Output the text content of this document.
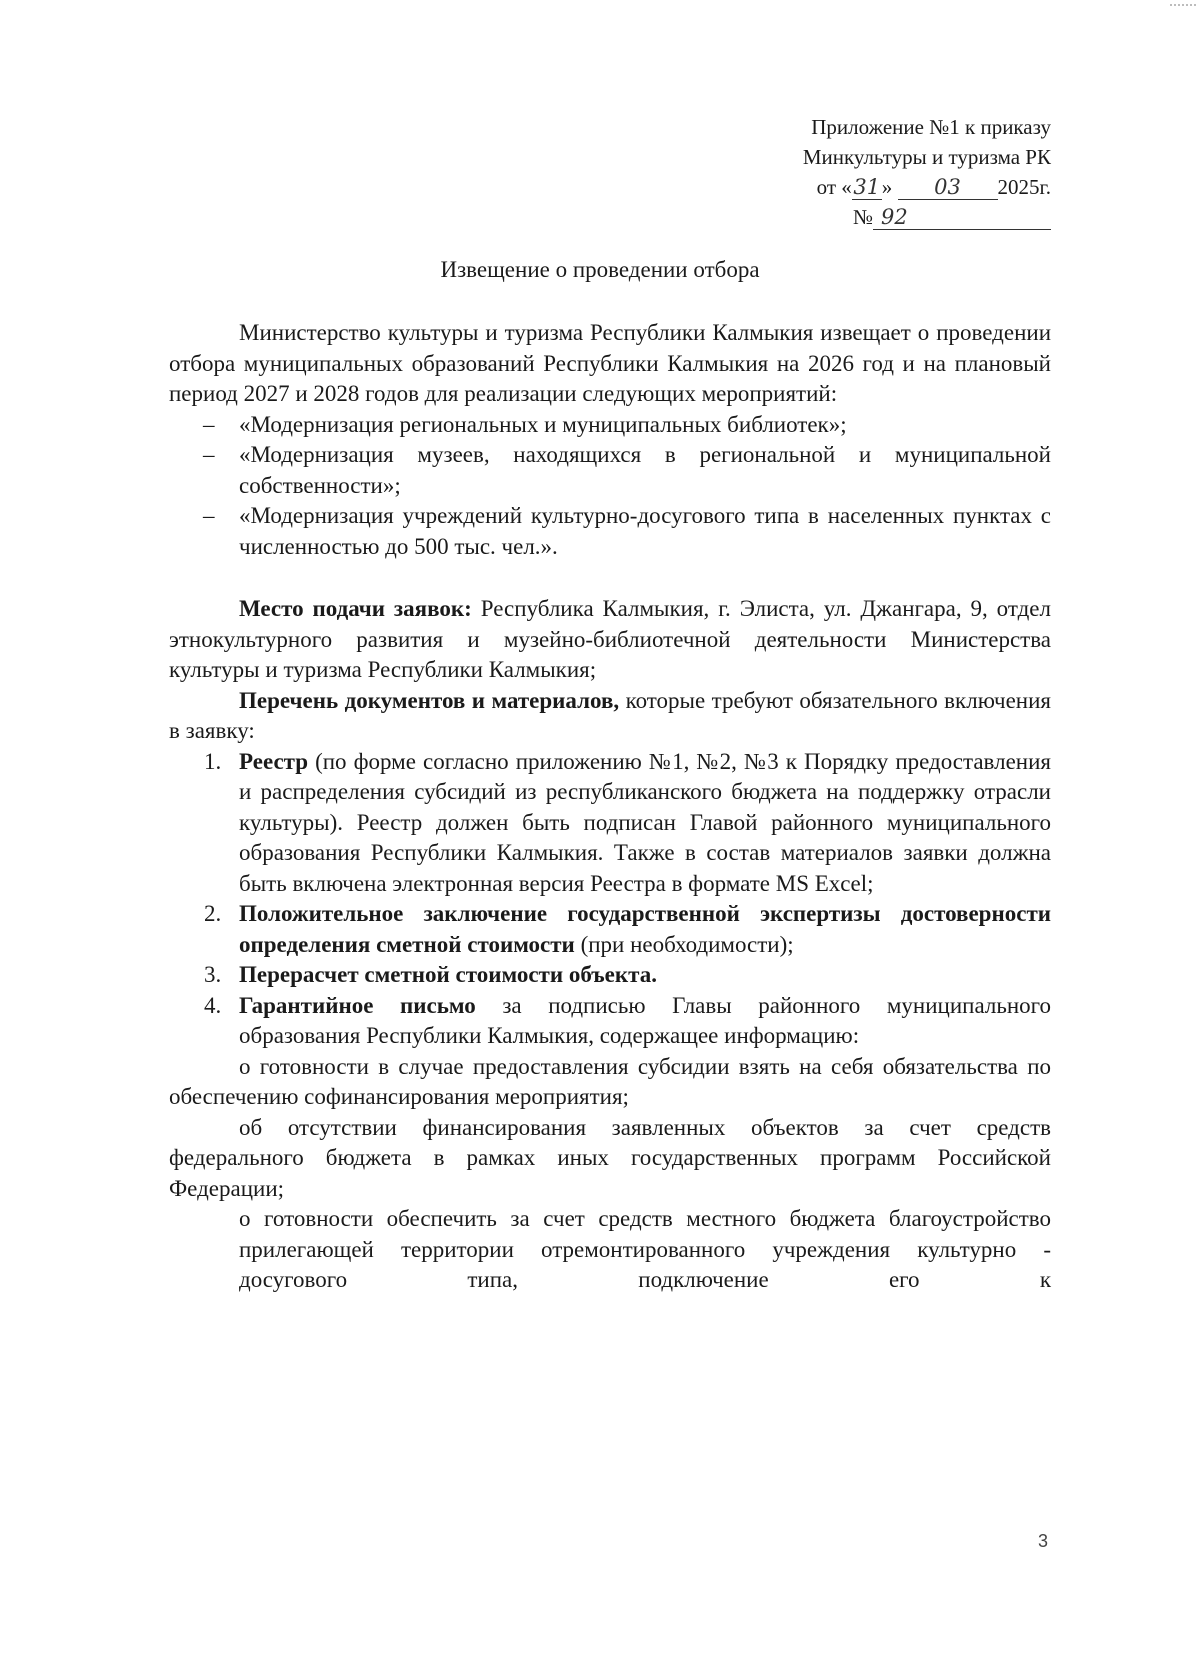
Приложение №1 к приказу
Минкультуры и туризма РК
от «31» 03 2025г.
№ 92
Извещение о проведении отбора

Министерство культуры и туризма Республики Калмыкия извещает о проведении отбора муниципальных образований Республики Калмыкия на 2026 год и на плановый период 2027 и 2028 годов для реализации следующих мероприятий:

– «Модернизация региональных и муниципальных библиотек»;

– «Модернизация музеев, находящихся в региональной и муниципальной собственности»;

– «Модернизация учреждений культурно-досугового типа в населенных пунктах с численностью до 500 тыс. чел.».

Место подачи заявок: Республика Калмыкия, г. Элиста, ул. Джангара, 9, отдел этнокультурного развития и музейно-библиотечной деятельности Министерства культуры и туризма Республики Калмыкия;

Перечень документов и материалов, которые требуют обязательного включения в заявку:

1. Реестр (по форме согласно приложению №1, №2, №3 к Порядку предоставления и распределения субсидий из республиканского бюджета на поддержку отрасли культуры). Реестр должен быть подписан Главой районного муниципального образования Республики Калмыкия. Также в состав материалов заявки должна быть включена электронная версия Реестра в формате MS Excel;

2. Положительное заключение государственной экспертизы достоверности определения сметной стоимости (при необходимости);

3. Перерасчет сметной стоимости объекта.

4. Гарантийное письмо за подписью Главы районного муниципального образования Республики Калмыкия, содержащее информацию:

о готовности в случае предоставления субсидии взять на себя обязательства по обеспечению софинансирования мероприятия;

об отсутствии финансирования заявленных объектов за счет средств федерального бюджета в рамках иных государственных программ Российской Федерации;

о готовности обеспечить за счет средств местного бюджета благоустройство прилегающей территории отремонтированного учреждения культурно - досугового типа, подключение его к

3
